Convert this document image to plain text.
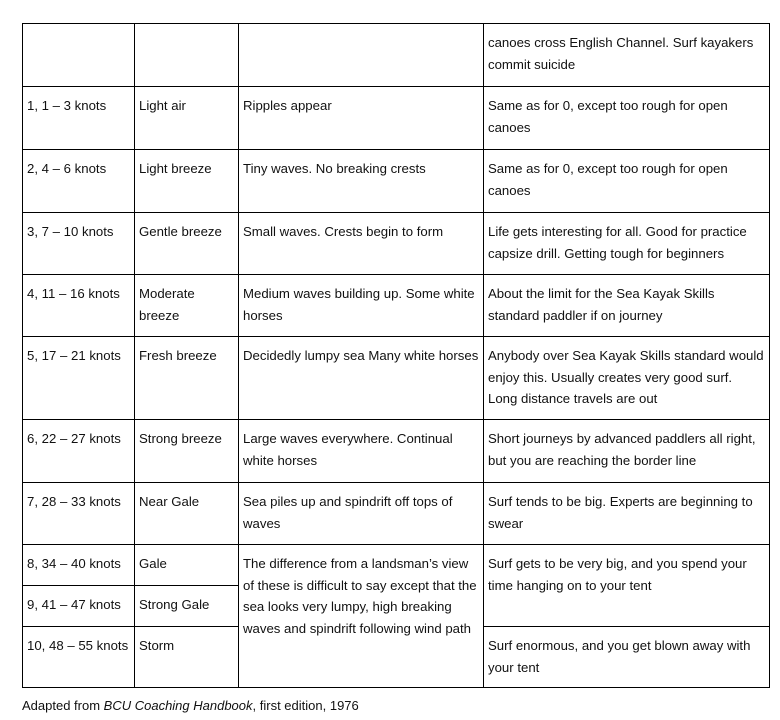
			canoes cross English Channel. Surf kayakers commit suicide
1, 1 – 3 knots	Light air	Ripples appear	Same as for 0, except too rough for open canoes
2, 4 – 6 knots	Light breeze	Tiny waves. No breaking crests	Same as for 0, except too rough for open canoes
3, 7 – 10 knots	Gentle breeze	Small waves. Crests begin to form	Life gets interesting for all. Good for practice capsize drill. Getting tough for beginners
4, 11 – 16 knots	Moderate breeze	Medium waves building up. Some white horses	About the limit for the Sea Kayak Skills standard paddler if on journey
5, 17 – 21 knots	Fresh breeze	Decidedly lumpy sea Many white horses	Anybody over Sea Kayak Skills standard would enjoy this. Usually creates very good surf. Long distance travels are out
6, 22 – 27 knots	Strong breeze	Large waves everywhere. Continual white horses	Short journeys by advanced paddlers all right, but you are reaching the border line
7, 28 – 33 knots	Near Gale	Sea piles up and spindrift off tops of waves	Surf tends to be big. Experts are beginning to swear
8, 34 – 40 knots	Gale	The difference from a landsman’s view of these is difficult to say except that the sea looks very lumpy, high breaking waves and spindrift following wind path	Surf gets to be very big, and you spend your time hanging on to your tent
9, 41 – 47 knots	Strong Gale		
10, 48 – 55 knots	Storm		Surf enormous, and you get blown away with your tent
Adapted from BCU Coaching Handbook, first edition, 1976
